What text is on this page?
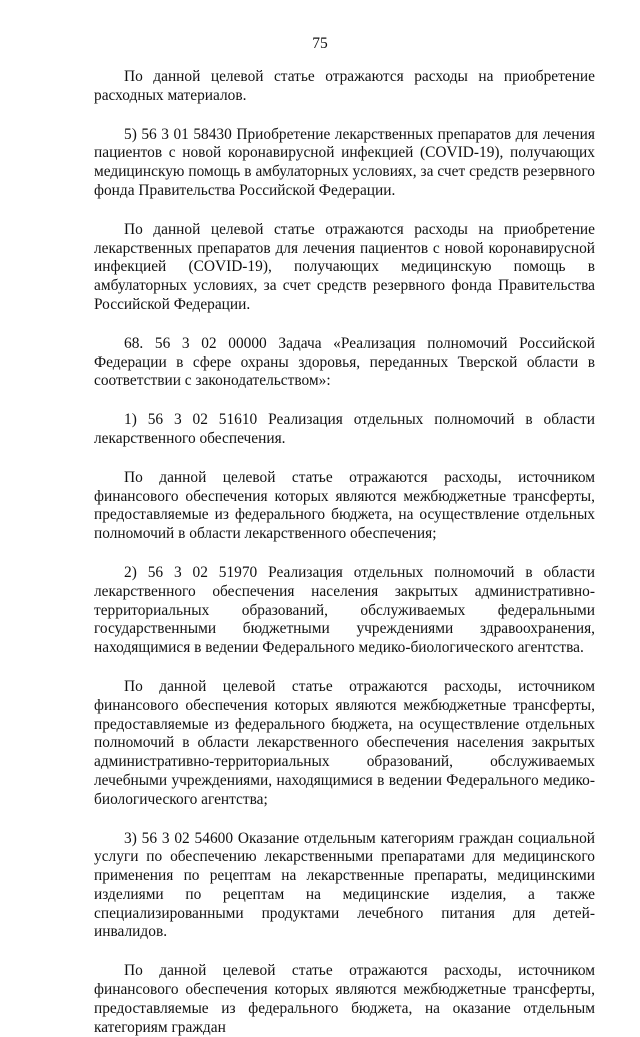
75

По данной целевой статье отражаются расходы на приобретение расходных материалов.

5) 56 3 01 58430 Приобретение лекарственных препаратов для лечения пациентов с новой коронавирусной инфекцией (COVID-19), получающих медицинскую помощь в амбулаторных условиях, за счет средств резервного фонда Правительства Российской Федерации.

По данной целевой статье отражаются расходы на приобретение лекарственных препаратов для лечения пациентов с новой коронавирусной инфекцией (COVID-19), получающих медицинскую помощь в амбулаторных условиях, за счет средств резервного фонда Правительства Российской Федерации.

68. 56 3 02 00000 Задача «Реализация полномочий Российской Федерации в сфере охраны здоровья, переданных Тверской области в соответствии с законодательством»:

1) 56 3 02 51610 Реализация отдельных полномочий в области лекарственного обеспечения.

По данной целевой статье отражаются расходы, источником финансового обеспечения которых являются межбюджетные трансферты, предоставляемые из федерального бюджета, на осуществление отдельных полномочий в области лекарственного обеспечения;

2) 56 3 02 51970 Реализация отдельных полномочий в области лекарственного обеспечения населения закрытых административно-территориальных образований, обслуживаемых федеральными государственными бюджетными учреждениями здравоохранения, находящимися в ведении Федерального медико-биологического агентства.

По данной целевой статье отражаются расходы, источником финансового обеспечения которых являются межбюджетные трансферты, предоставляемые из федерального бюджета, на осуществление отдельных полномочий в области лекарственного обеспечения населения закрытых административно-территориальных образований, обслуживаемых лечебными учреждениями, находящимися в ведении Федерального медико-биологического агентства;

3) 56 3 02 54600 Оказание отдельным категориям граждан социальной услуги по обеспечению лекарственными препаратами для медицинского применения по рецептам на лекарственные препараты, медицинскими изделиями по рецептам на медицинские изделия, а также специализированными продуктами лечебного питания для детей-инвалидов.

По данной целевой статье отражаются расходы, источником финансового обеспечения которых являются межбюджетные трансферты, предоставляемые из федерального бюджета, на оказание отдельным категориям граждан
